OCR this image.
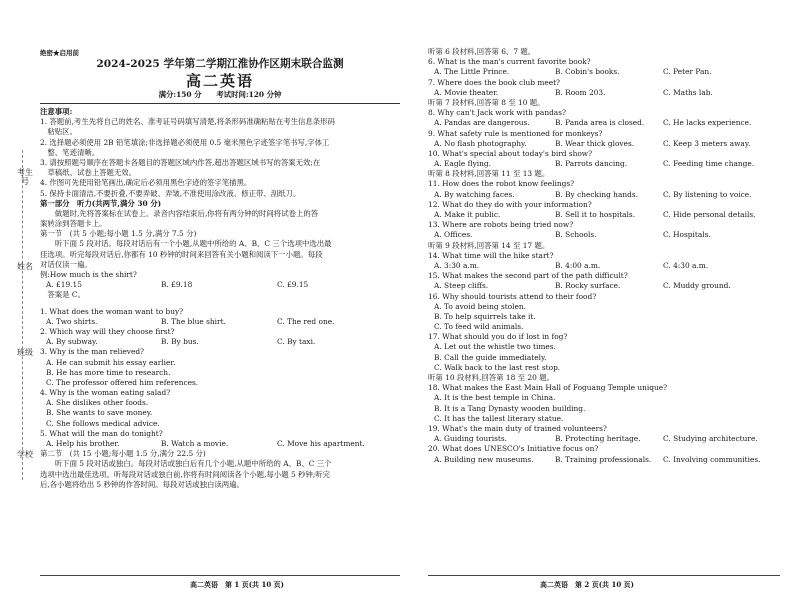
考生号
姓名
班级
学校
绝密★启用前
2024-2025 学年第二学期江淮协作区期末联合监测
高二英语
满分:150 分　　考试时间:120 分钟
注意事项:
1. 答题前,考生先将自己的姓名、准考证号码填写清楚,将条形码准确粘贴在考生信息条形码
　粘贴区。
2. 选择题必须使用 2B 铅笔填涂;非选择题必须使用 0.5 毫米黑色字迹签字笔书写,字体工
　整、笔迹清晰。
3. 请按照题号顺序在答题卡各题目的答题区域内作答,超出答题区域书写的答案无效;在
　草稿纸、试卷上答题无效。
4. 作图可先使用铅笔画出,确定后必须用黑色字迹的签字笔描黑。
5. 保持卡面清洁,不要折叠,不要弄破、弄皱,不准使用涂改液、修正带、刮纸刀。
第一部分　听力(共两节,满分 30 分)
　　做题时,先将答案标在试卷上。录音内容结束后,你将有两分钟的时间将试卷上的答
案转涂到答题卡上。
第一节　(共 5 小题;每小题 1.5 分,满分 7.5 分)
　　听下面 5 段对话。每段对话后有一个小题,从题中所给的 A、B、C 三个选项中选出最
佳选项。听完每段对话后,你都有 10 秒钟的时间来回答有关小题和阅读下一小题。每段
对话仅读一遍。
例:How much is the shirt?
A. £19.15	B. £9.18	C. £9.15
　答案是 C。
1. What does the woman want to buy?
A. Two shirts.	B. The blue shirt.	C. The red one.
2. Which way will they choose first?
A. By subway.	B. By bus.	C. By taxi.
3. Why is the man relieved?
A. He can submit his essay earlier.
B. He has more time to research.
C. The professor offered him references.
4. Why is the woman eating salad?
A. She dislikes other foods.
B. She wants to save money.
C. She follows medical advice.
5. What will the man do tonight?
A. Help his brother.	B. Watch a movie.	C. Move his apartment.
第二节　(共 15 小题;每小题 1.5 分,满分 22.5 分)
　　听下面 5 段对话或独白。每段对话或独白后有几个小题,从题中所给的 A、B、C 三个
选项中选出最佳选项。听每段对话或独白前,你将有时间阅读各个小题,每小题 5 秒钟;听完
后,各小题将给出 5 秒钟的作答时间。每段对话或独白读两遍。
听第 6 段材料,回答第 6、7 题。
6. What is the man's current favorite book?
A. The Little Prince.	B. Cobin's books.	C. Peter Pan.
7. Where does the book club meet?
A. Movie theater.	B. Room 203.	C. Maths lab.
听第 7 段材料,回答第 8 至 10 题。
8. Why can't Jack work with pandas?
A. Pandas are dangerous.	B. Panda area is closed.	C. He lacks experience.
9. What safety rule is mentioned for monkeys?
A. No flash photography.	B. Wear thick gloves.	C. Keep 3 meters away.
10. What's special about today's bird show?
A. Eagle flying.	B. Parrots dancing.	C. Feeding time change.
听第 8 段材料,回答第 11 至 13 题。
11. How does the robot know feelings?
A. By watching faces.	B. By checking hands.	C. By listening to voice.
12. What do they do with your information?
A. Make it public.	B. Sell it to hospitals.	C. Hide personal details.
13. Where are robots being tried now?
A. Offices.	B. Schools.	C. Hospitals.
听第 9 段材料,回答第 14 至 17 题。
14. What time will the hike start?
A. 3:30 a.m.	B. 4:00 a.m.	C. 4:30 a.m.
15. What makes the second part of the path difficult?
A. Steep cliffs.	B. Rocky surface.	C. Muddy ground.
16. Why should tourists attend to their food?
A. To avoid being stolen.
B. To help squirrels take it.
C. To feed wild animals.
17. What should you do if lost in fog?
A. Let out the whistle two times.
B. Call the guide immediately.
C. Walk back to the last rest stop.
听第 10 段材料,回答第 18 至 20 题。
18. What makes the East Main Hall of Foguang Temple unique?
A. It is the best temple in China.
B. It is a Tang Dynasty wooden building.
C. It has the tallest literary statue.
19. What's the main duty of trained volunteers?
A. Guiding tourists.	B. Protecting heritage.	C. Studying architecture.
20. What does UNESCO's Initiative focus on?
A. Building new museums.	B. Training professionals.	C. Involving communities.
高二英语　第 1 页(共 10 页)	高二英语　第 2 页(共 10 页)
